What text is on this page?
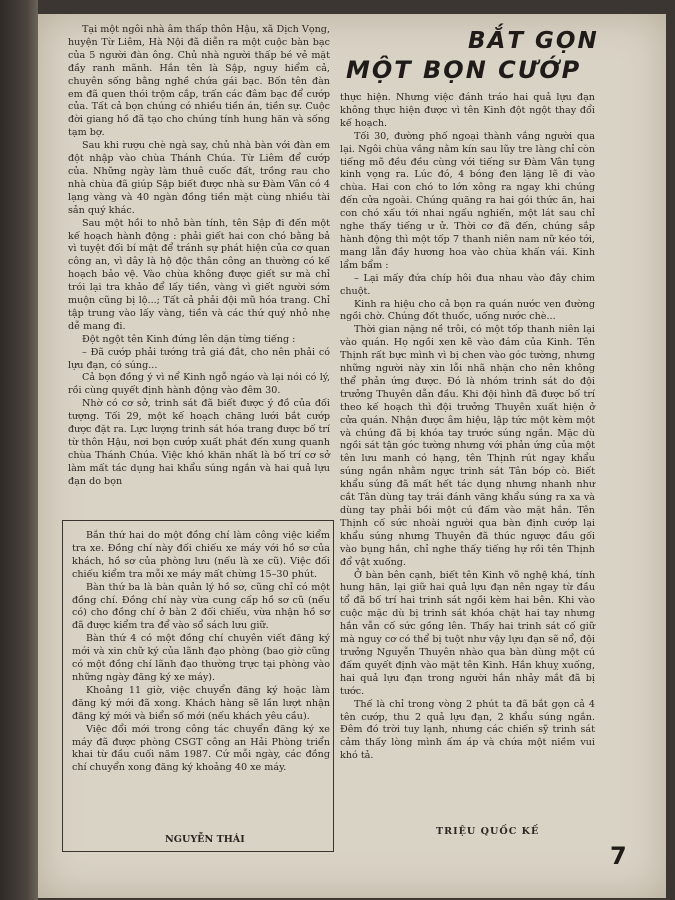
BẮT GỌN
MỘT BỌN CƯỚP

Tại một ngôi nhà âm thấp thôn Hậu, xã Dịch Vọng, huyện Từ Liêm, Hà Nội đã diễn ra một cuộc bàn bạc của 5 người đàn ông. Chủ nhà người thấp bé vẻ mặt đầy ranh mãnh. Hắn tên là Sập, nguy hiểm cả, chuyên sống bằng nghề chứa gái bạc. Bốn tên đàn em đã quen thói trộm cắp, trấn các đâm bạc để cướp của. Tất cả bọn chúng có nhiều tiền án, tiền sự. Cuộc đời giang hồ đã tạo cho chúng tính hung hăn và sống tạm bợ.

Sau khi rượu chè ngà say, chủ nhà bàn với đàn em đột nhập vào chùa Thánh Chúa. Từ Liêm để cướp của. Những ngày làm thuê cuốc đất, trồng rau cho nhà chùa đã giúp Sập biết được nhà sư Đàm Vân có 4 lạng vàng và 40 ngàn đồng tiền mặt cùng nhiều tài sản quý khác.

Sau một hồi to nhỏ bàn tính, tên Sập đi đến một kế hoạch hành động : phải giết hai con chó bằng bả vì tuyệt đối bí mật để tránh sự phát hiện của cơ quan công an, vì dây là hộ độc thân công an thường có kế hoạch bảo vệ. Vào chùa không được giết sư mà chỉ trói lại tra khảo để lấy tiền, vàng vì giết người sớm muộn cũng bị lộ...; Tất cả phải đội mũ hóa trang. Chỉ tập trung vào lấy vàng, tiền và các thứ quý nhỏ nhẹ dễ mang đi.

Đột ngột tên Kinh đứng lên dặn từng tiếng :

– Đã cướp phải tướng trả giá đắt, cho nên phải có lựu đạn, có súng...

Cả bọn đồng ý vì nể Kinh ngỗ ngáo và lại nói có lý, rồi cùng quyết định hành động vào đêm 30.

Nhờ có cơ sở, trinh sát đã biết được ý đồ của đối tượng. Tối 29, một kế hoạch chăng lưới bắt cướp được đặt ra. Lực lượng trinh sát hóa trang được bố trí từ thôn Hậu, nơi bọn cướp xuất phát đến xung quanh chùa Thánh Chúa. Việc khó khăn nhất là bố trí cơ sở làm mất tác dụng hai khẩu súng ngắn và hai quả lựu đạn do bọn

Bắn thứ hai do một đồng chí làm công việc kiểm tra xe. Đồng chí này đối chiếu xe máy với hồ sơ của khách, hồ sơ của phòng lưu (nếu là xe cũ). Việc đối chiếu kiểm tra mỗi xe máy mất chừng 15–30 phút.

Bàn thứ ba là bàn quản lý hồ sơ, cũng chỉ có một đồng chí. Đồng chí này vừa cung cấp hồ sơ cũ (nếu có) cho đồng chí ở bàn 2 đối chiếu, vừa nhận hồ sơ đã được kiểm tra để vào sổ sách lưu giữ.

Bàn thứ 4 có một đồng chí chuyên viết đăng ký mới và xin chữ ký của lãnh đạo phòng (bao giờ cũng có một đồng chí lãnh đạo thường trực tại phòng vào những ngày đăng ký xe máy).

Khoảng 11 giờ, việc chuyển đăng ký hoặc làm đăng ký mới đã xong. Khách hàng sẽ lần lượt nhận đăng ký mới và biển số mới (nếu khách yêu cầu).

Việc đổi mới trong công tác chuyển đăng ký xe máy đã được phòng CSGT công an Hải Phòng triển khai từ đầu cuối năm 1987. Cứ mỗi ngày, các đồng chí chuyển xong đăng ký khoảng 40 xe máy.

NGUYỄN THÁI

thực hiện. Nhưng việc đánh tráo hai quả lựu đạn không thực hiện được vì tên Kinh đột ngột thay đổi kế hoạch.

Tối 30, đường phố ngoại thành vắng người qua lại. Ngôi chùa vắng nằm kín sau lũy tre làng chỉ còn tiếng mõ đều đều cùng với tiếng sư Đàm Vân tụng kinh vọng ra. Lúc đó, 4 bóng đen lặng lẽ đi vào chùa. Hai con chó to lớn xông ra ngay khi chúng đến cửa ngoài. Chúng quăng ra hai gói thức ăn, hai con chó xấu tới nhai ngấu nghiến, một lát sau chỉ nghe thấy tiếng ư ử. Thời cơ đã đến, chúng sắp hành động thì một tốp 7 thanh niên nam nữ kéo tới, mang lẵn đầy hương hoa vào chùa khấn vái. Kinh lẩm bẩm :

– Lại mấy đứa chíp hôi đua nhau vào đây chim chuột.

Kinh ra hiệu cho cả bọn ra quán nước ven đường ngồi chờ. Chúng đốt thuốc, uống nước chè...

Thời gian nặng nề trôi, có một tốp thanh niên lại vào quán. Họ ngồi xen kẽ vào đám của Kinh. Tên Thịnh rất bực mình vì bị chen vào góc tường, nhưng những người này xin lỗi nhã nhặn cho nên không thể phản ứng được. Đó là nhóm trinh sát do đội trưởng Thuyên dẫn đầu. Khi đội hình đã được bố trí theo kế hoạch thì đội trưởng Thuyên xuất hiện ở cửa quán. Nhận được âm hiệu, lập tức một kèm một và chúng đã bị khóa tay trước súng ngắn. Mặc dù ngồi sát tận góc tường nhưng với phản ứng của một tên lưu manh có hạng, tên Thịnh rút ngay khẩu súng ngắn nhằm ngực trinh sát Tân bóp cò. Biết khẩu súng đã mất hết tác dụng nhưng nhanh như cắt Tân dùng tay trái đánh văng khẩu súng ra xa và dùng tay phải bồi một cú đấm vào mặt hắn. Tên Thịnh cố sức nhoài người qua bàn định cướp lại khẩu súng nhưng Thuyên đã thúc ngược đầu gối vào bụng hắn, chỉ nghe thấy tiếng hự rồi tên Thịnh đổ vật xuống.

Ở bàn bên cạnh, biết tên Kinh võ nghệ khá, tính hung hăn, lại giữ hai quả lựu đạn nên ngay từ đầu tổ đã bố trí hai trinh sát ngồi kèm hai bên. Khi vào cuộc mặc dù bị trinh sát khóa chặt hai tay nhưng hắn vẫn cố sức gồng lên. Thấy hai trinh sát cố giữ mà nguy cơ có thể bị tuột như vậy lựu đạn sẽ nổ, đội trưởng Nguyễn Thuyên nhào qua bàn dùng một cú đấm quyết định vào mặt tên Kinh. Hắn khuỵ xuống, hai quả lựu đạn trong người hắn nhảy mắt đã bị tước.

Thế là chỉ trong vòng 2 phút ta đã bắt gọn cả 4 tên cướp, thu 2 quả lựu đạn, 2 khẩu súng ngắn. Đêm đó trời tuy lạnh, nhưng các chiến sỹ trinh sát cảm thấy lòng mình ấm áp và chứa một niềm vui khó tả.

TRIỆU QUỐC KẾ
7
